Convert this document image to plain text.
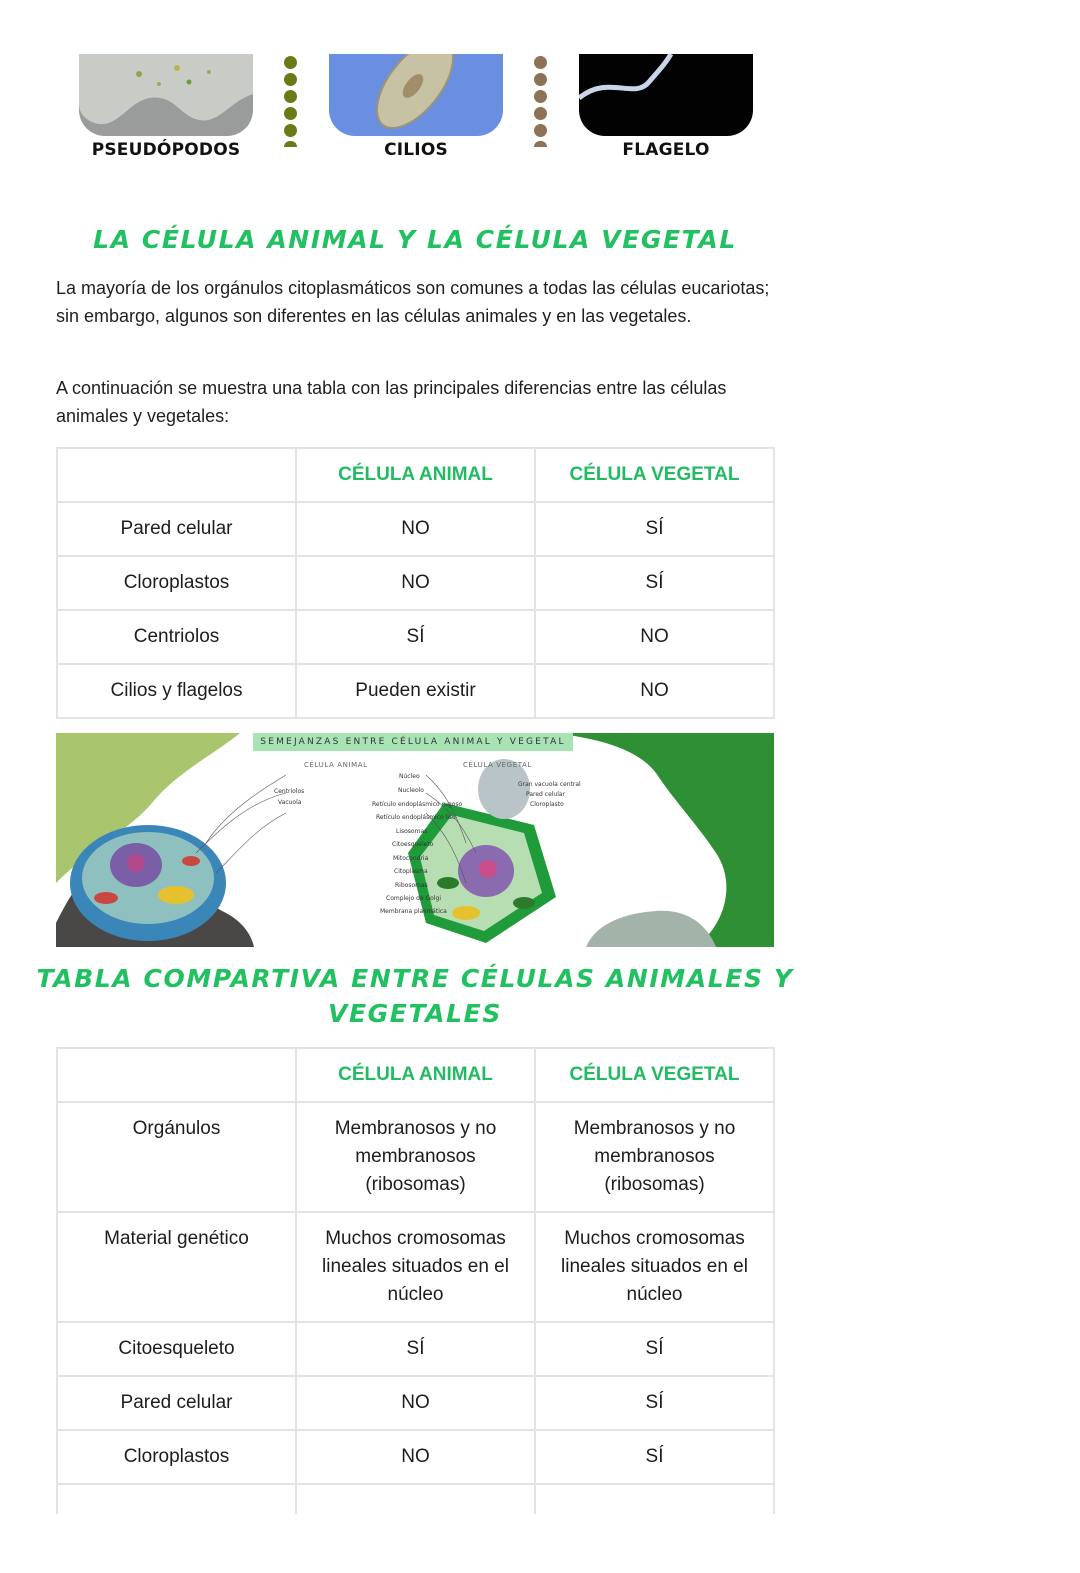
PSEUDÓPODOS	CILIOS	FLAGELO
LA CÉLULA ANIMAL Y LA CÉLULA VEGETAL
La mayoría de los orgánulos citoplasmáticos son comunes a todas las células eucariotas; sin embargo, algunos son diferentes en las células animales y en las vegetales.
A continuación se muestra una tabla con las principales diferencias entre las células animales y vegetales:
	CÉLULA ANIMAL	CÉLULA VEGETAL
Pared celular	NO	SÍ
Cloroplastos	NO	SÍ
Centriolos	SÍ	NO
Cilios y flagelos	Pueden existir	NO
SEMEJANZAS ENTRE CÉLULA ANIMAL Y VEGETAL
CÉLULA ANIMAL	CÉLULA VEGETAL
Centriolos
Vacuola
Núcleo
Nucleolo
Retículo endoplásmico rugoso
Retículo endoplásmico liso
Lisosomas
Citoesqueleto
Mitocondria
Citoplasma
Ribosomas
Complejo de Golgi
Membrana plasmática
Gran vacuola central
Pared celular
Cloroplasto
TABLA COMPARTIVA ENTRE CÉLULAS ANIMALES Y
VEGETALES
	CÉLULA ANIMAL	CÉLULA VEGETAL
Orgánulos	Membranosos y no membranosos (ribosomas)	Membranosos y no membranosos (ribosomas)
Material genético	Muchos cromosomas lineales situados en el núcleo	Muchos cromosomas lineales situados en el núcleo
Citoesqueleto	SÍ	SÍ
Pared celular	NO	SÍ
Cloroplastos	NO	SÍ
